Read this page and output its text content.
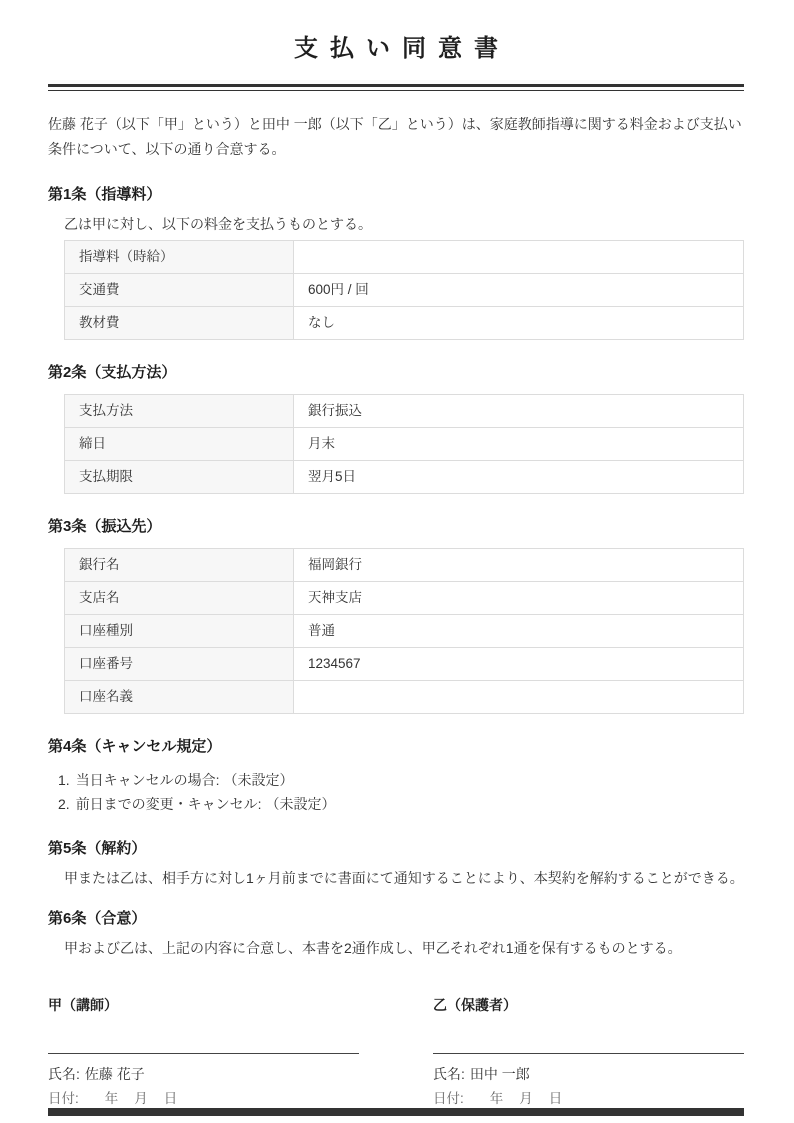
支払い同意書

佐藤 花子（以下「甲」という）と田中 一郎（以下「乙」という）は、家庭教師指導に関する料金および支払い条件について、以下の通り合意する。

第1条（指導料）

乙は甲に対し、以下の料金を支払うものとする。

指導料（時給）	
交通費	600円 / 回
教材費	なし
第2条（支払方法）
支払方法	銀行振込
締日	月末
支払期限	翌月5日
第3条（振込先）
銀行名	福岡銀行
支店名	天神支店
口座種別	普通
口座番号	1234567
口座名義	
第4条（キャンセル規定）
1. 当日キャンセルの場合: （未設定）
2. 前日までの変更・キャンセル: （未設定）
第5条（解約）

甲または乙は、相手方に対し1ヶ月前までに書面にて通知することにより、本契約を解約することができる。

第6条（合意）

甲および乙は、上記の内容に合意し、本書を2通作成し、甲乙それぞれ1通を保有するものとする。

甲（講師）
氏名: 佐藤 花子
日付: 年 月 日
乙（保護者）
氏名: 田中 一郎
日付: 年 月 日
